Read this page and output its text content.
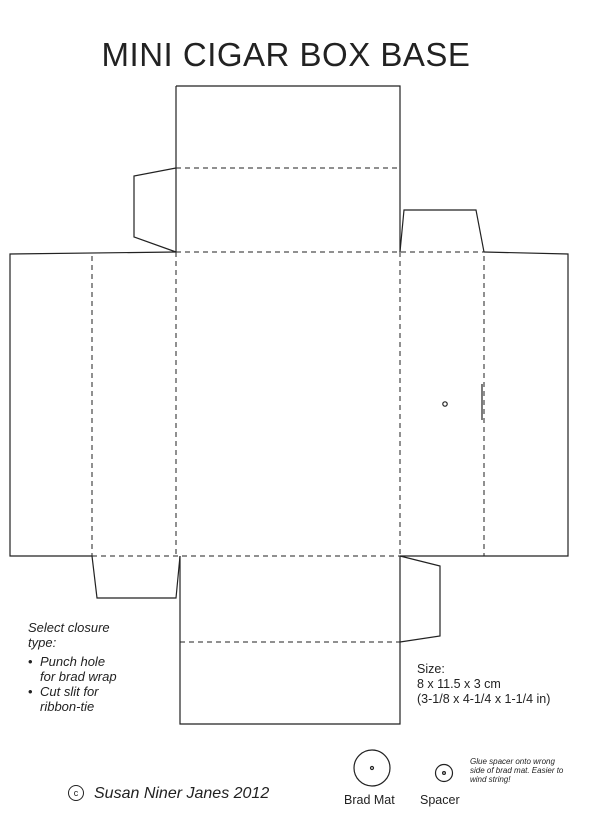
MINI CIGAR BOX BASE
Select closure
type:
• Punch hole
for brad wrap
• Cut slit for
ribbon-tie
Size:
8 x 11.5 x 3 cm
(3-1/8 x 4-1/4 x 1-1/4 in)
c Susan Niner Janes 2012	Brad Mat Spacer
Glue spacer onto wrong side of brad mat. Easier to wind string!
